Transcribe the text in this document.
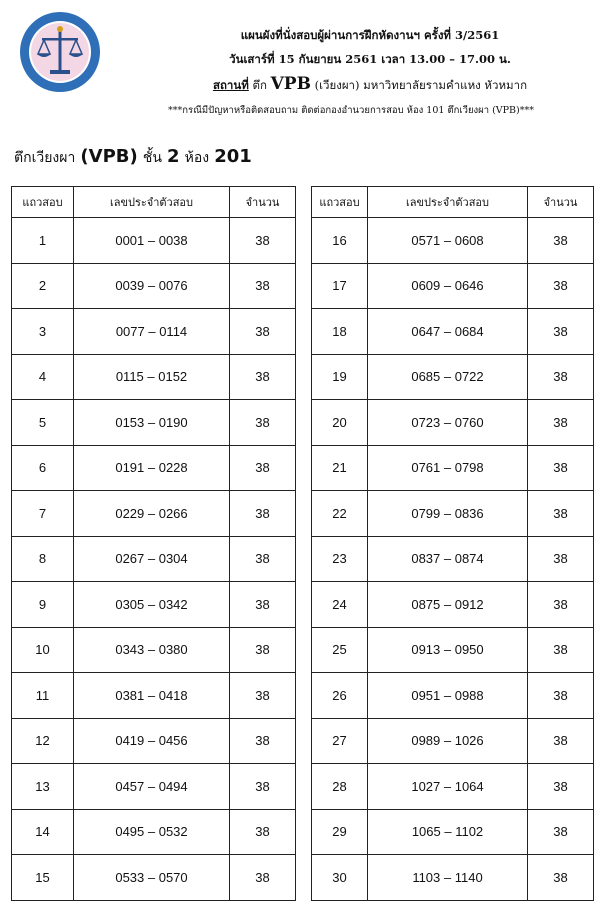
แผนผังที่นั่งสอบผู้ผ่านการฝึกหัดงานฯ ครั้งที่ 3/2561
วันเสาร์ที่ 15 กันยายน 2561 เวลา 13.00 – 17.00 น.
สถานที่ ตึก VPB (เวียงผา) มหาวิทยาลัยรามคำแหง หัวหมาก
***กรณีมีปัญหาหรือติดสอบถาม ติดต่อกองอำนวยการสอบ ห้อง 101 ตึกเวียงผา (VPB)***
ตึกเวียงผา (VPB) ชั้น 2 ห้อง 201
แถวสอบ	เลขประจำตัวสอบ	จำนวน
1	0001 – 0038	38
2	0039 – 0076	38
3	0077 – 0114	38
4	0115 – 0152	38
5	0153 – 0190	38
6	0191 – 0228	38
7	0229 – 0266	38
8	0267 – 0304	38
9	0305 – 0342	38
10	0343 – 0380	38
11	0381 – 0418	38
12	0419 – 0456	38
13	0457 – 0494	38
14	0495 – 0532	38
15	0533 – 0570	38
แถวสอบ	เลขประจำตัวสอบ	จำนวน
16	0571 – 0608	38
17	0609 – 0646	38
18	0647 – 0684	38
19	0685 – 0722	38
20	0723 – 0760	38
21	0761 – 0798	38
22	0799 – 0836	38
23	0837 – 0874	38
24	0875 – 0912	38
25	0913 – 0950	38
26	0951 – 0988	38
27	0989 – 1026	38
28	1027 – 1064	38
29	1065 – 1102	38
30	1103 – 1140	38
